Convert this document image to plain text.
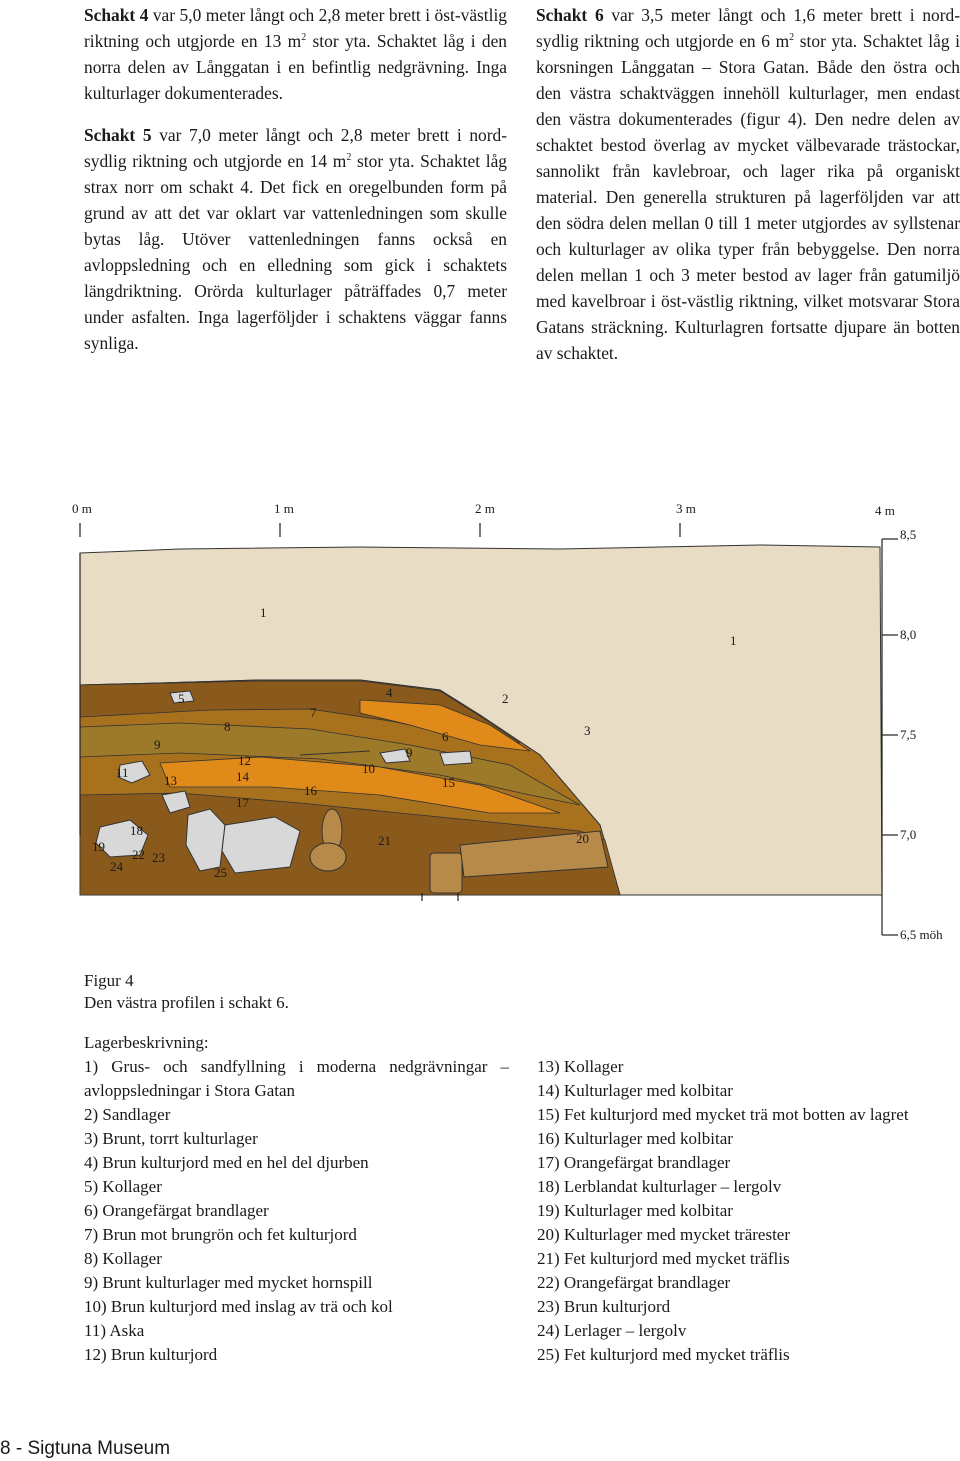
Schakt 4 var 5,0 meter långt och 2,8 meter brett i öst-västlig riktning och utgjorde en 13 $m^2$ stor yta. Schaktet låg i den norra delen av Långgatan i en befintlig nedgrävning. Inga kulturlager dokumenterades.

Schakt 5 var 7,0 meter långt och 2,8 meter brett i nord-sydlig riktning och utgjorde en 14 $m^2$ stor yta. Schaktet låg strax norr om schakt 4. Det fick en oregelbunden form på grund av att det var oklart var vattenledningen som skulle bytas låg. Utöver vattenledningen fanns också en avloppsledning och en elledning som gick i schaktets längdriktning. Orörda kulturlager påträffades 0,7 meter under asfalten. Inga lagerföljder i schaktens väggar fanns synliga.

Schakt 6 var 3,5 meter långt och 1,6 meter brett i nord-sydlig riktning och utgjorde en 6 $m^2$ stor yta. Schaktet låg i korsningen Långgatan – Stora Gatan. Både den östra och den västra schaktväggen innehöll kulturlager, men endast den västra dokumenterades (figur 4). Den nedre delen av schaktet bestod överlag av mycket välbevarade trästockar, sannolikt från kavlebroar, och lager rika på organiskt material. Den generella strukturen på lagerföljden var att den södra delen mellan 0 till 1 meter utgjordes av syllstenar och kulturlager av olika typer från bebyggelse. Den norra delen mellan 1 och 3 meter bestod av lager från gatumiljö med kavelbroar i öst-västlig riktning, vilket motsvarar Stora Gatans sträckning. Kulturlagren fortsatte djupare än botten av schaktet.

0 m	1 m	2 m	3 m	4 m
8,5
8,0
7,5
7,0
6,5 möh
1
1
2
3
4
5
6
7
8
9
9
10
11
12
13	14	15
16
17
18
19
20
21
22 23
24	25
Figur 4
Den västra profilen i schakt 6.
Lagerbeskrivning:
1) Grus- och sandfyllning i moderna nedgrävningar –avloppsledningar i Stora Gatan
2) Sandlager
3) Brunt, torrt kulturlager
4) Brun kulturjord med en hel del djurben
5) Kollager
6) Orangefärgat brandlager
7) Brun mot brungrön och fet kulturjord
8) Kollager
9) Brunt kulturlager med mycket hornspill
10) Brun kulturjord med inslag av trä och kol
11) Aska
12) Brun kulturjord
13) Kollager
14) Kulturlager med kolbitar
15) Fet kulturjord med mycket trä mot botten av lagret
16) Kulturlager med kolbitar
17) Orangefärgat brandlager
18) Lerblandat kulturlager – lergolv
19) Kulturlager med kolbitar
20) Kulturlager med mycket trärester
21) Fet kulturjord med mycket träflis
22) Orangefärgat brandlager
23) Brun kulturjord
24) Lerlager – lergolv
25) Fet kulturjord med mycket träflis
8 - Sigtuna Museum
